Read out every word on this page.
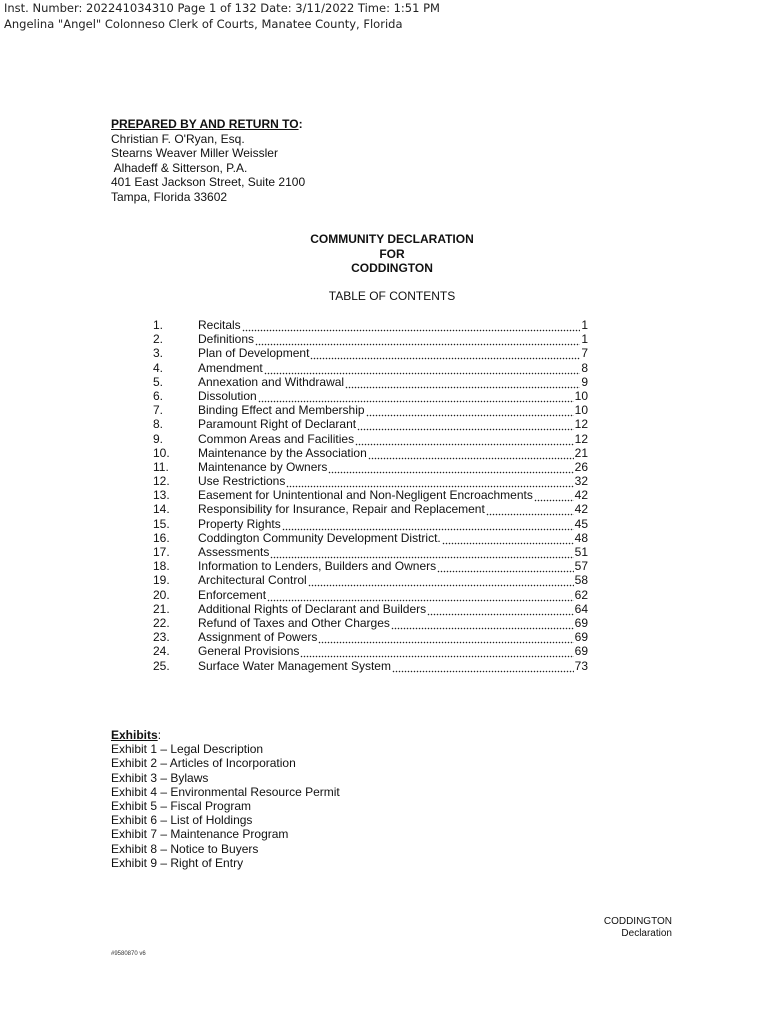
Inst. Number: 202241034310 Page 1 of 132 Date: 3/11/2022 Time: 1:51 PM
Angelina "Angel" Colonneso Clerk of Courts, Manatee County, Florida
PREPARED BY AND RETURN TO:
Christian F. O'Ryan, Esq.
Stearns Weaver Miller Weissler
Alhadeff & Sitterson, P.A.
401 East Jackson Street, Suite 2100
Tampa, Florida 33602
COMMUNITY DECLARATION
FOR
CODDINGTON
TABLE OF CONTENTS
1.	Recitals	1
2.	Definitions	1
3.	Plan of Development	7
4.	Amendment	8
5.	Annexation and Withdrawal	9
6.	Dissolution	10
7.	Binding Effect and Membership	10
8.	Paramount Right of Declarant	12
9.	Common Areas and Facilities	12
10.	Maintenance by the Association	21
11.	Maintenance by Owners	26
12.	Use Restrictions	32
13.	Easement for Unintentional and Non-Negligent Encroachments	42
14.	Responsibility for Insurance, Repair and Replacement	42
15.	Property Rights	45
16.	Coddington Community Development District.	48
17.	Assessments	51
18.	Information to Lenders, Builders and Owners	57
19.	Architectural Control	58
20.	Enforcement	62
21.	Additional Rights of Declarant and Builders	64
22.	Refund of Taxes and Other Charges	69
23.	Assignment of Powers	69
24.	General Provisions	69
25.	Surface Water Management System	73
Exhibits:
Exhibit 1 – Legal Description
Exhibit 2 – Articles of Incorporation
Exhibit 3 – Bylaws
Exhibit 4 – Environmental Resource Permit
Exhibit 5 – Fiscal Program
Exhibit 6 – List of Holdings
Exhibit 7 – Maintenance Program
Exhibit 8 – Notice to Buyers
Exhibit 9 – Right of Entry
CODDINGTON
Declaration
#9580870 v6
